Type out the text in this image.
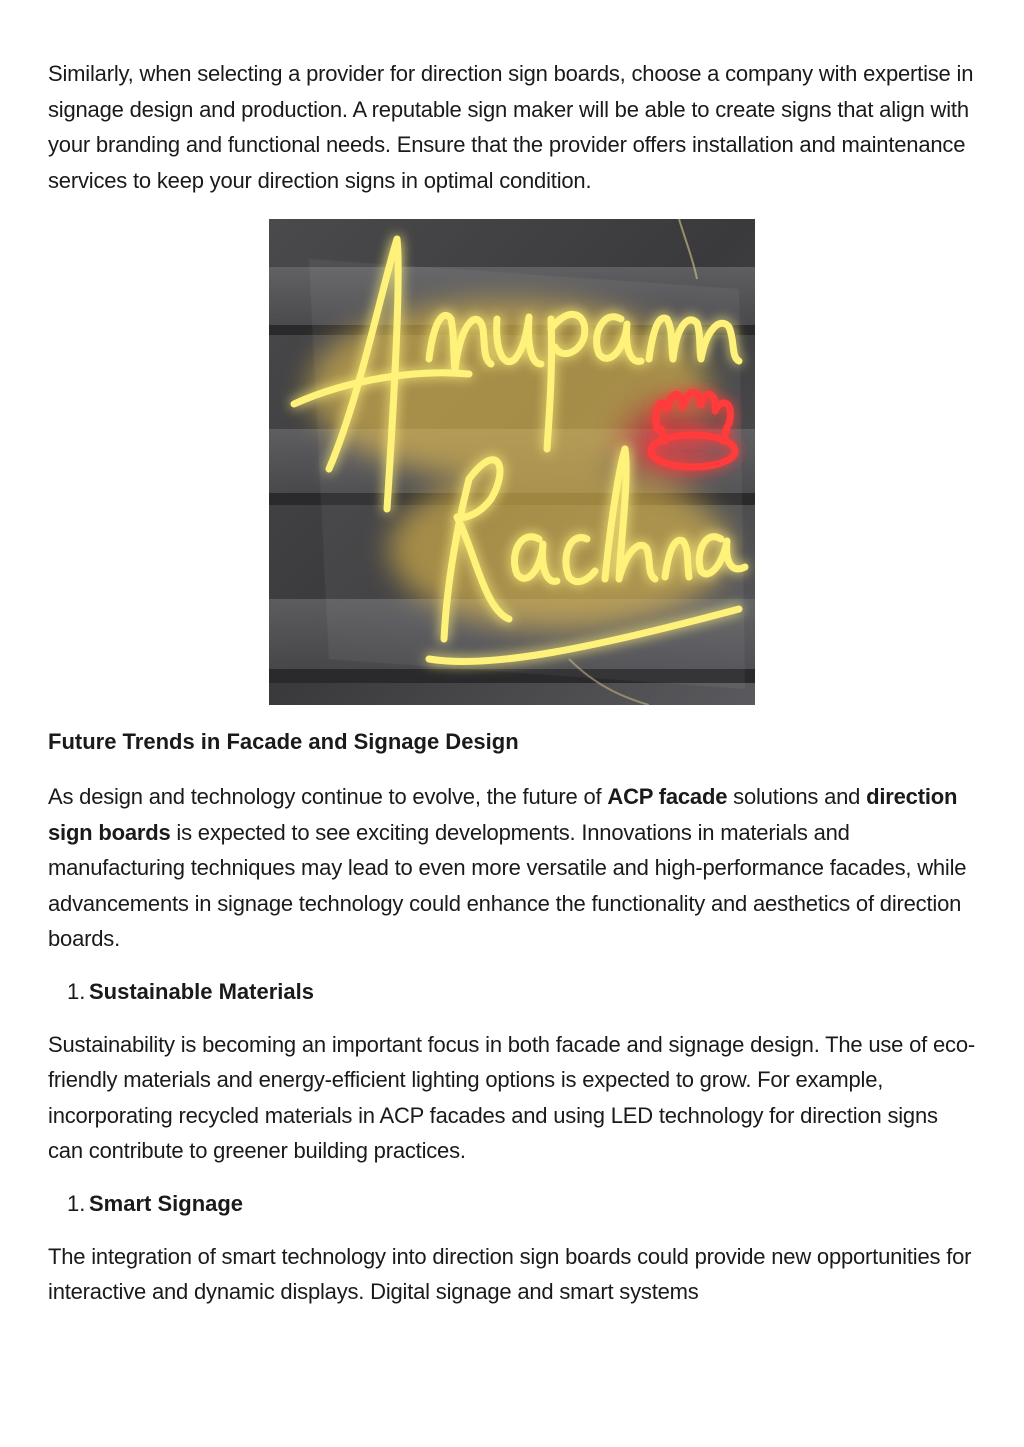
Similarly, when selecting a provider for direction sign boards, choose a company with expertise in signage design and production. A reputable sign maker will be able to create signs that align with your branding and functional needs. Ensure that the provider offers installation and maintenance services to keep your direction signs in optimal condition.

Future Trends in Facade and Signage Design

As design and technology continue to evolve, the future of ACP facade solutions and direction sign boards is expected to see exciting developments. Innovations in materials and manufacturing techniques may lead to even more versatile and high-performance facades, while advancements in signage technology could enhance the functionality and aesthetics of direction boards.

1. Sustainable Materials

Sustainability is becoming an important focus in both facade and signage design. The use of eco-friendly materials and energy-efficient lighting options is expected to grow. For example, incorporating recycled materials in ACP facades and using LED technology for direction signs can contribute to greener building practices.

1. Smart Signage

The integration of smart technology into direction sign boards could provide new opportunities for interactive and dynamic displays. Digital signage and smart systems
